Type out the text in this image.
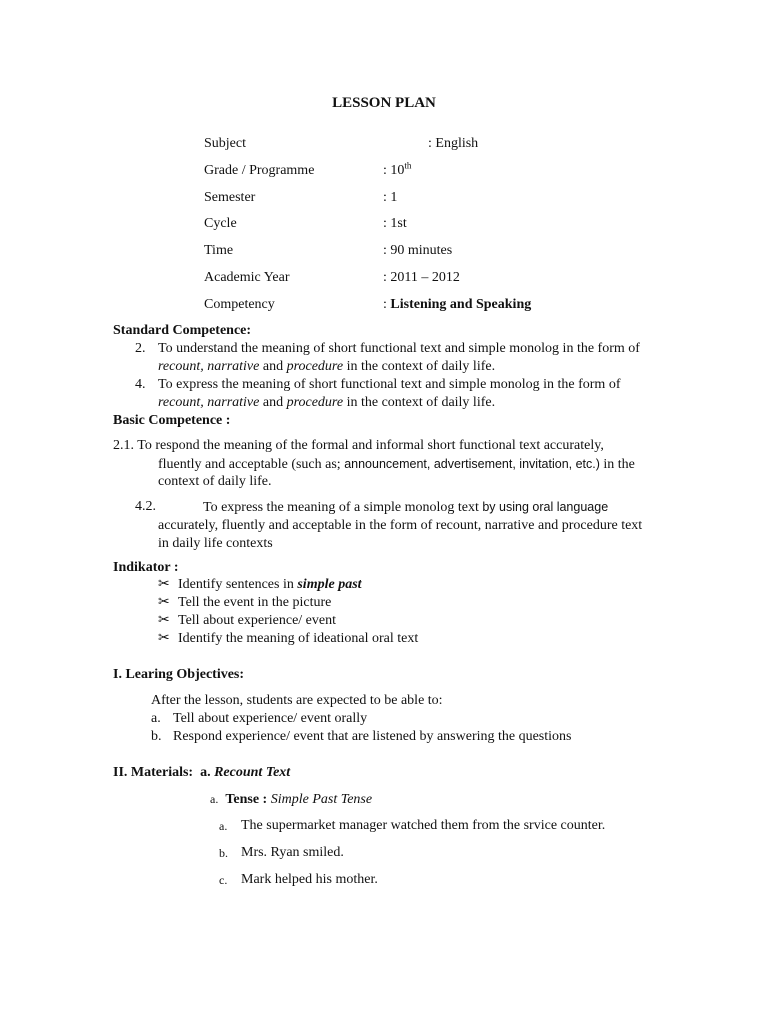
LESSON PLAN
Subject	: English
Grade / Programme	: 10th
Semester	: 1
Cycle	: 1st
Time	: 90 minutes
Academic Year	: 2011 – 2012
Competency	: Listening and Speaking
Standard Competence:
2. To understand the meaning of short functional text and simple monolog in the form of
recount, narrative and procedure in the context of daily life.
4. To express the meaning of short functional text and simple monolog in the form of
recount, narrative and procedure in the context of daily life.
Basic Competence :
2.1. To respond the meaning of the formal and informal short functional text accurately,
fluently and acceptable (such as; announcement, advertisement, invitation, etc.) in the
context of daily life.
4.2.	To express the meaning of a simple monolog text by using oral language
accurately, fluently and acceptable in the form of recount, narrative and procedure text
in daily life contexts
Indikator :
✂ Identify sentences in simple past
✂ Tell the event in the picture
✂ Tell about experience/ event
✂ Identify the meaning of ideational oral text
I. Learing Objectives:
After the lesson, students are expected to be able to:
a. Tell about experience/ event orally
b. Respond experience/ event that are listened by answering the questions
II. Materials: a. Recount Text
a. Tense : Simple Past Tense
a. The supermarket manager watched them from the srvice counter.
b. Mrs. Ryan smiled.
c. Mark helped his mother.
